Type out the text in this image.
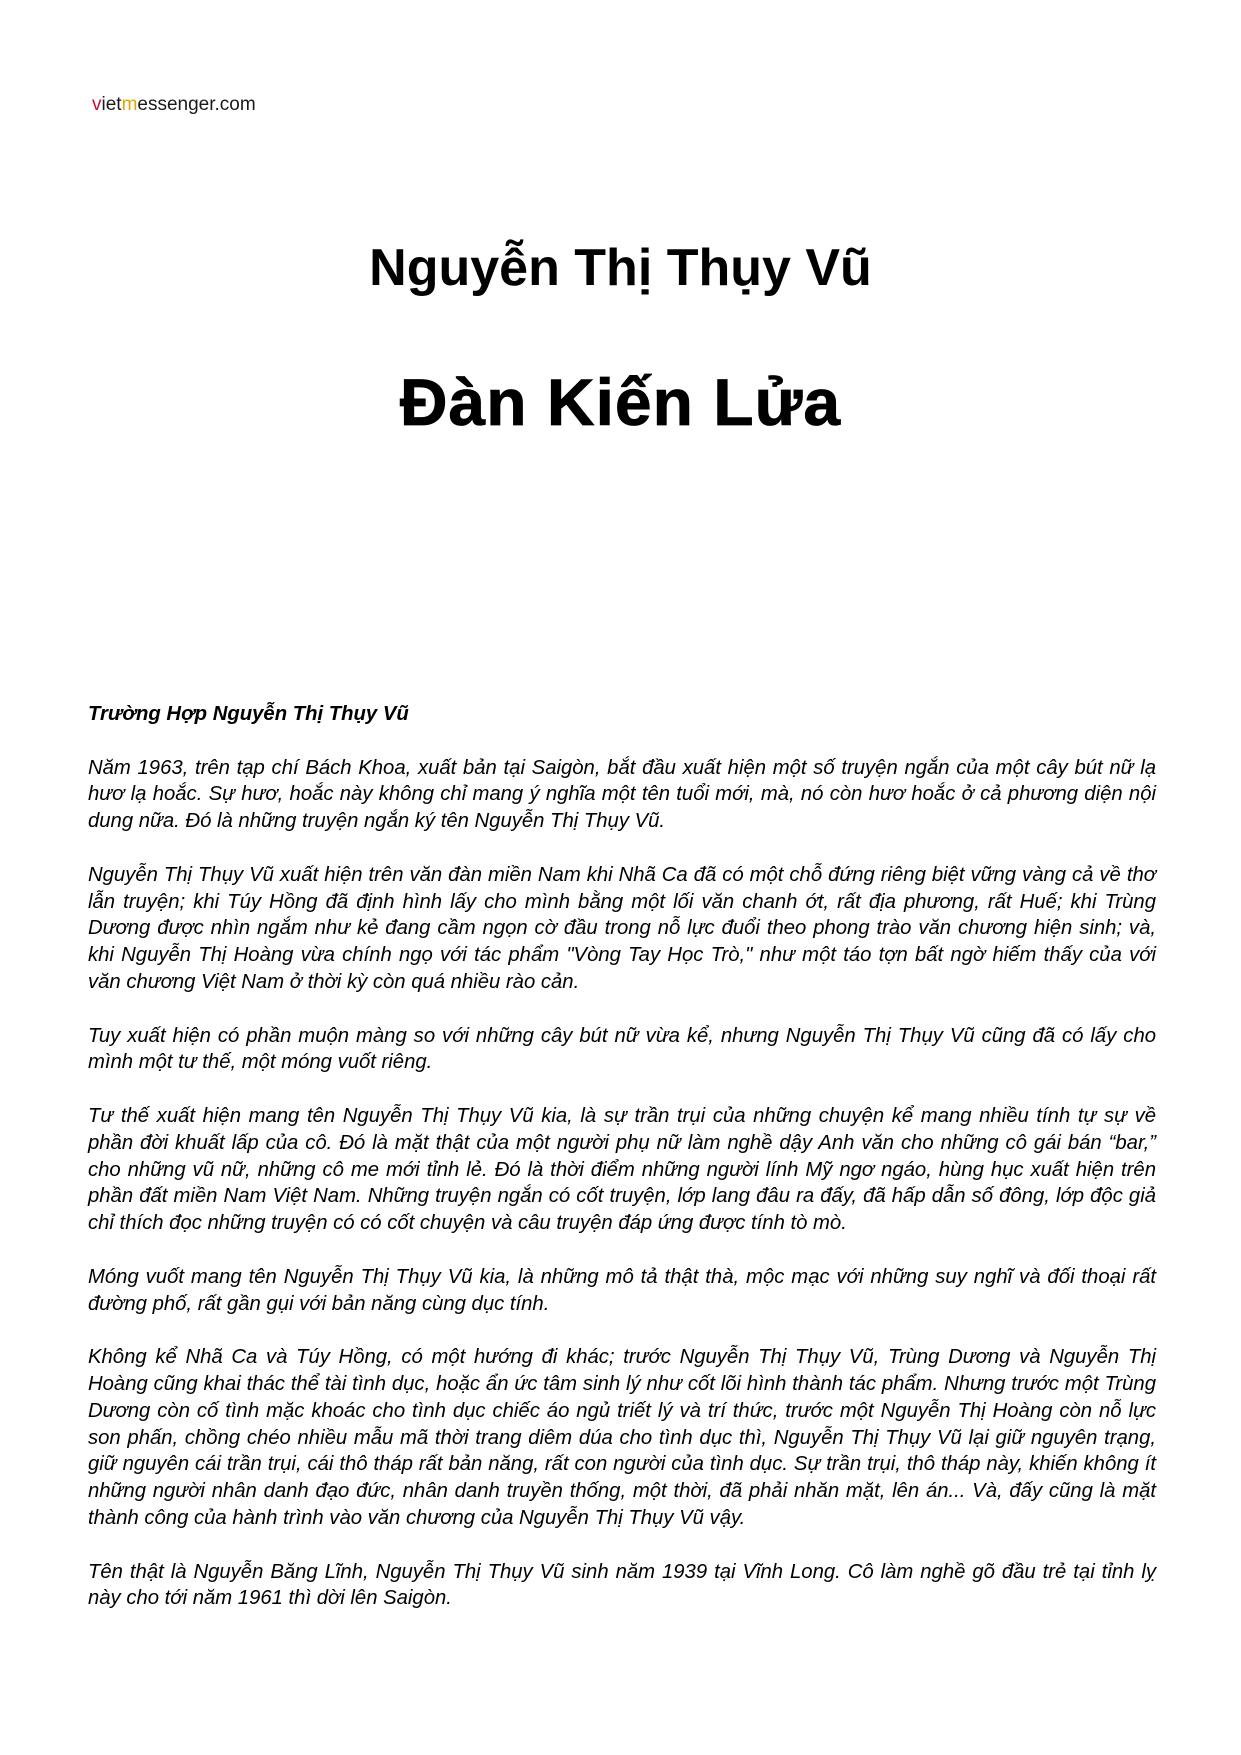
vietmessenger.com
Nguyễn Thị Thụy Vũ
Đàn Kiến Lửa
Trường Hợp Nguyễn Thị Thụy Vũ

Năm 1963, trên tạp chí Bách Khoa, xuất bản tại Saigòn, bắt đầu xuất hiện một số truyện ngắn của một cây bút nữ lạ hươ lạ hoắc. Sự hươ, hoắc này không chỉ mang ý nghĩa một tên tuổi mới, mà, nó còn hươ hoắc ở cả phương diện nội dung nữa. Đó là những truyện ngắn ký tên Nguyễn Thị Thụy Vũ.

Nguyễn Thị Thụy Vũ xuất hiện trên văn đàn miền Nam khi Nhã Ca đã có một chỗ đứng riêng biệt vững vàng cả về thơ lẫn truyện; khi Túy Hồng đã định hình lấy cho mình bằng một lối văn chanh ớt, rất địa phương, rất Huế; khi Trùng Dương được nhìn ngắm như kẻ đang cầm ngọn cờ đầu trong nỗ lực đuổi theo phong trào văn chương hiện sinh; và, khi Nguyễn Thị Hoàng vừa chính ngọ với tác phẩm "Vòng Tay Học Trò," như một táo tợn bất ngờ hiếm thấy của với văn chương Việt Nam ở thời kỳ còn quá nhiều rào cản.

Tuy xuất hiện có phần muộn màng so với những cây bút nữ vừa kể, nhưng Nguyễn Thị Thụy Vũ cũng đã có lấy cho mình một tư thế, một móng vuốt riêng.

Tư thế xuất hiện mang tên Nguyễn Thị Thụy Vũ kia, là sự trần trụi của những chuyện kể mang nhiều tính tự sự về phần đời khuất lấp của cô. Đó là mặt thật của một người phụ nữ làm nghề dậy Anh văn cho những cô gái bán “bar,” cho những vũ nữ, những cô me mới tỉnh lẻ. Đó là thời điểm những người lính Mỹ ngơ ngáo, hùng hục xuất hiện trên phần đất miền Nam Việt Nam. Những truyện ngắn có cốt truyện, lớp lang đâu ra đấy, đã hấp dẫn số đông, lớp độc giả chỉ thích đọc những truyện có có cốt chuyện và câu truyện đáp ứng được tính tò mò.

Móng vuốt mang tên Nguyễn Thị Thụy Vũ kia, là những mô tả thật thà, mộc mạc với những suy nghĩ và đối thoại rất đường phố, rất gần gụi với bản năng cùng dục tính.

Không kể Nhã Ca và Túy Hồng, có một hướng đi khác; trước Nguyễn Thị Thụy Vũ, Trùng Dương và Nguyễn Thị Hoàng cũng khai thác thể tài tình dục, hoặc ẩn ức tâm sinh lý như cốt lõi hình thành tác phẩm. Nhưng trước một Trùng Dương còn cố tình mặc khoác cho tình dục chiếc áo ngủ triết lý và trí thức, trước một Nguyễn Thị Hoàng còn nỗ lực son phấn, chồng chéo nhiều mẫu mã thời trang diêm dúa cho tình dục thì, Nguyễn Thị Thụy Vũ lại giữ nguyên trạng, giữ nguyên cái trần trụi, cái thô tháp rất bản năng, rất con người của tình dục. Sự trần trụi, thô tháp này, khiến không ít những người nhân danh đạo đức, nhân danh truyền thống, một thời, đã phải nhăn mặt, lên án... Và, đấy cũng là mặt thành công của hành trình vào văn chương của Nguyễn Thị Thụy Vũ vậy.

Tên thật là Nguyễn Băng Lĩnh, Nguyễn Thị Thụy Vũ sinh năm 1939 tại Vĩnh Long. Cô làm nghề gõ đầu trẻ tại tỉnh lỵ này cho tới năm 1961 thì dời lên Saigòn.
